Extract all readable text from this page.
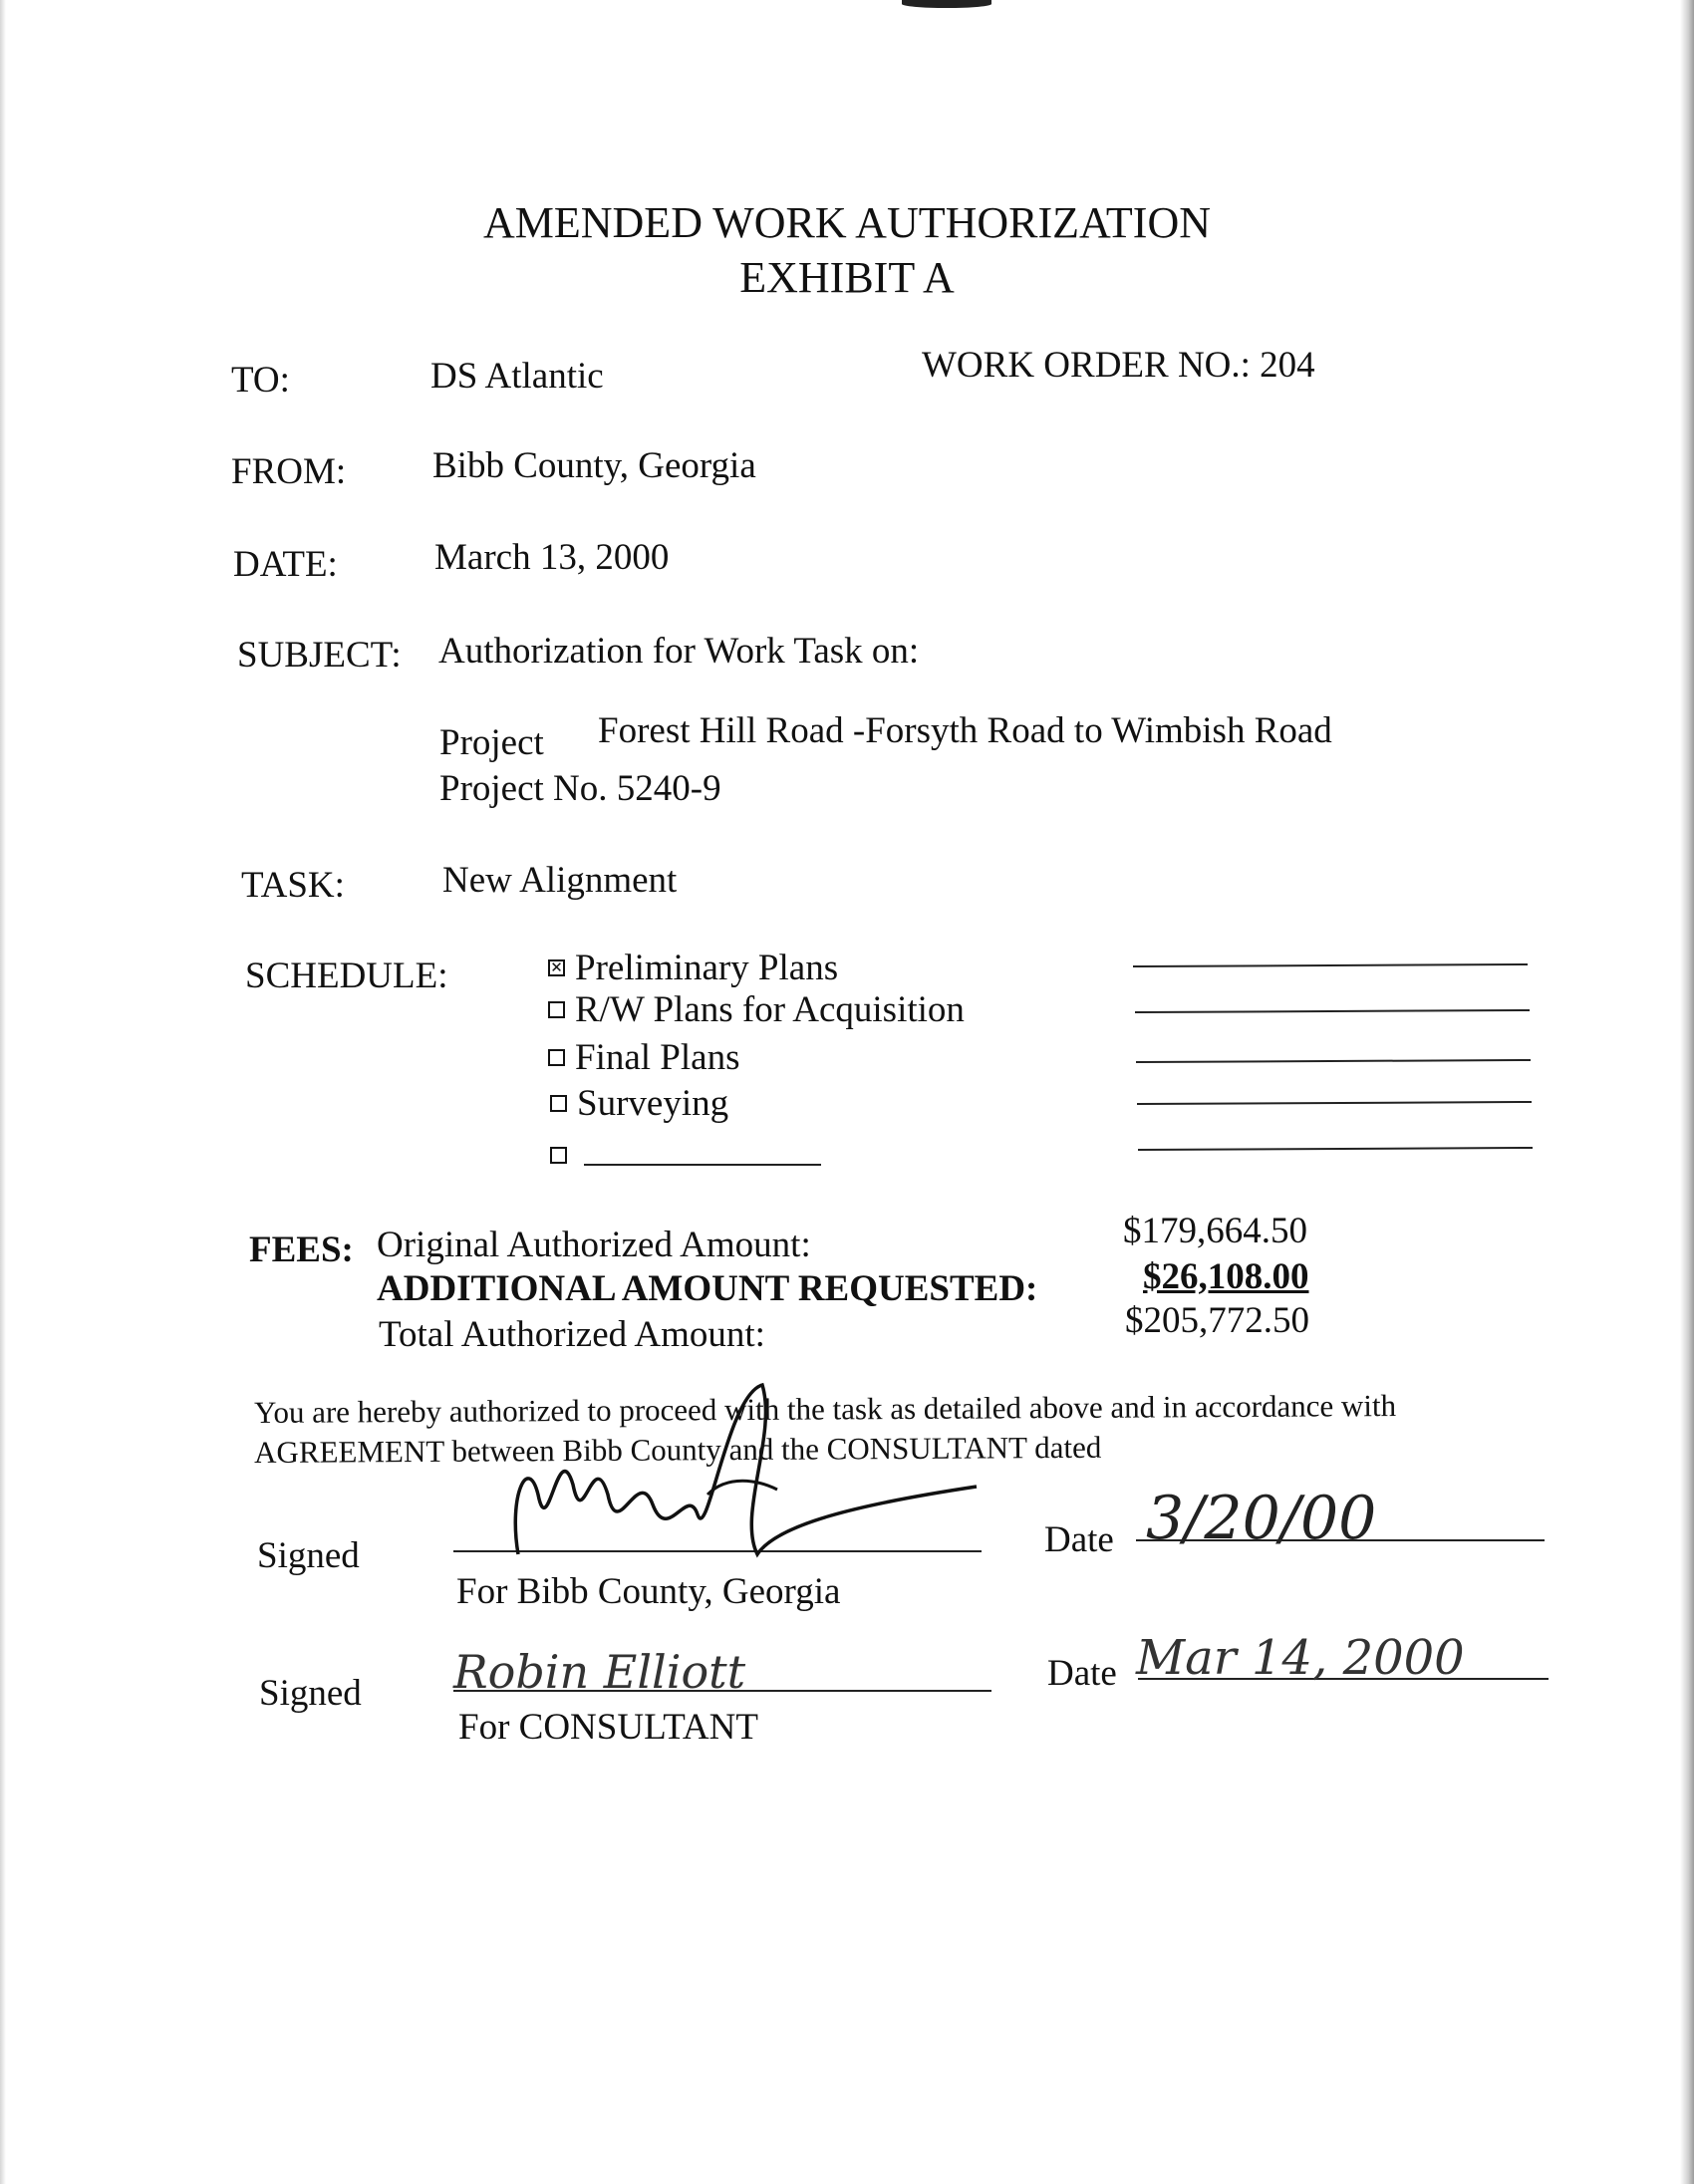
AMENDED WORK AUTHORIZATION
EXHIBIT A
TO:	DS Atlantic	WORK ORDER NO.: 204
FROM: Bibb County, Georgia
DATE:	March 13, 2000
SUBJECT: Authorization for Work Task on:
Project Forest Hill Road -Forsyth Road to Wimbish Road
Project No. 5240-9
TASK:	New Alignment
SCHEDULE:	✕ Preliminary Plans
R/W Plans for Acquisition
Final Plans
Surveying
FEES: Original Authorized Amount:	$179,664.50
ADDITIONAL AMOUNT REQUESTED:	$26,108.00
Total Authorized Amount:	$205,772.50
You are hereby authorized to proceed with the task as detailed above and in accordance with
AGREEMENT between Bibb County and the CONSULTANT dated
Signed
For Bibb County, Georgia
Date 3/20/00
Signed Robin Elliott
For CONSULTANT
Date Mar 14, 2000
